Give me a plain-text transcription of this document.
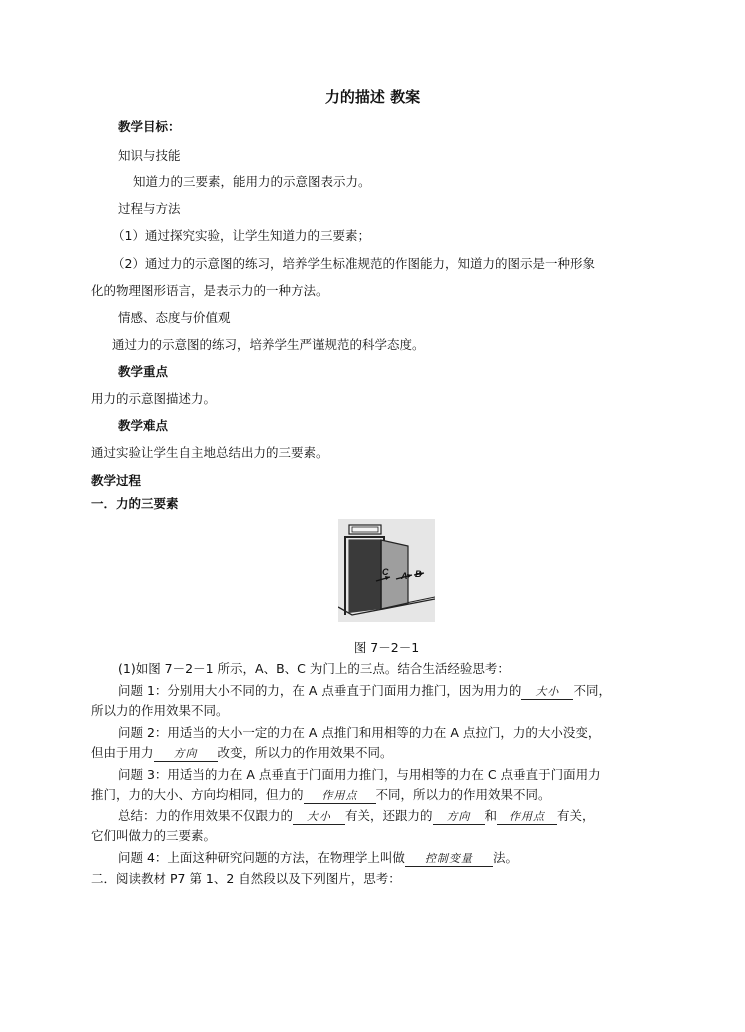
力的描述 教案
教学目标：
知识与技能
知道力的三要素，能用力的示意图表示力。
过程与方法
（1）通过探究实验，让学生知道力的三要素；
（2）通过力的示意图的练习，培养学生标准规范的作图能力，知道力的图示是一种形象
化的物理图形语言，是表示力的一种方法。
情感、态度与价值观
通过力的示意图的练习，培养学生严谨规范的科学态度。
教学重点
用力的示意图描述力。
教学难点
通过实验让学生自主地总结出力的三要素。
教学过程
一．力的三要素
C A B
图 7－2－1
(1)如图 7－2－1 所示，A、B、C 为门上的三点。结合生活经验思考：
问题 1：分别用大小不同的力，在 A 点垂直于门面用力推门，因为用力的 大小 不同，
所以力的作用效果不同。
问题 2：用适当的大小一定的力在 A 点推门和用相等的力在 A 点拉门，力的大小没变，
但由于用力 方向 改变，所以力的作用效果不同。
问题 3：用适当的力在 A 点垂直于门面用力推门，与用相等的力在 C 点垂直于门面用力
推门，力的大小、方向均相同，但力的 作用点 不同，所以力的作用效果不同。
总结：力的作用效果不仅跟力的 大小 有关，还跟力的 方向 和 作用点 有关，
它们叫做力的三要素。
问题 4：上面这种研究问题的方法，在物理学上叫做 控制变量 法。
二．阅读教材 P7 第 1、2 自然段以及下列图片，思考：
